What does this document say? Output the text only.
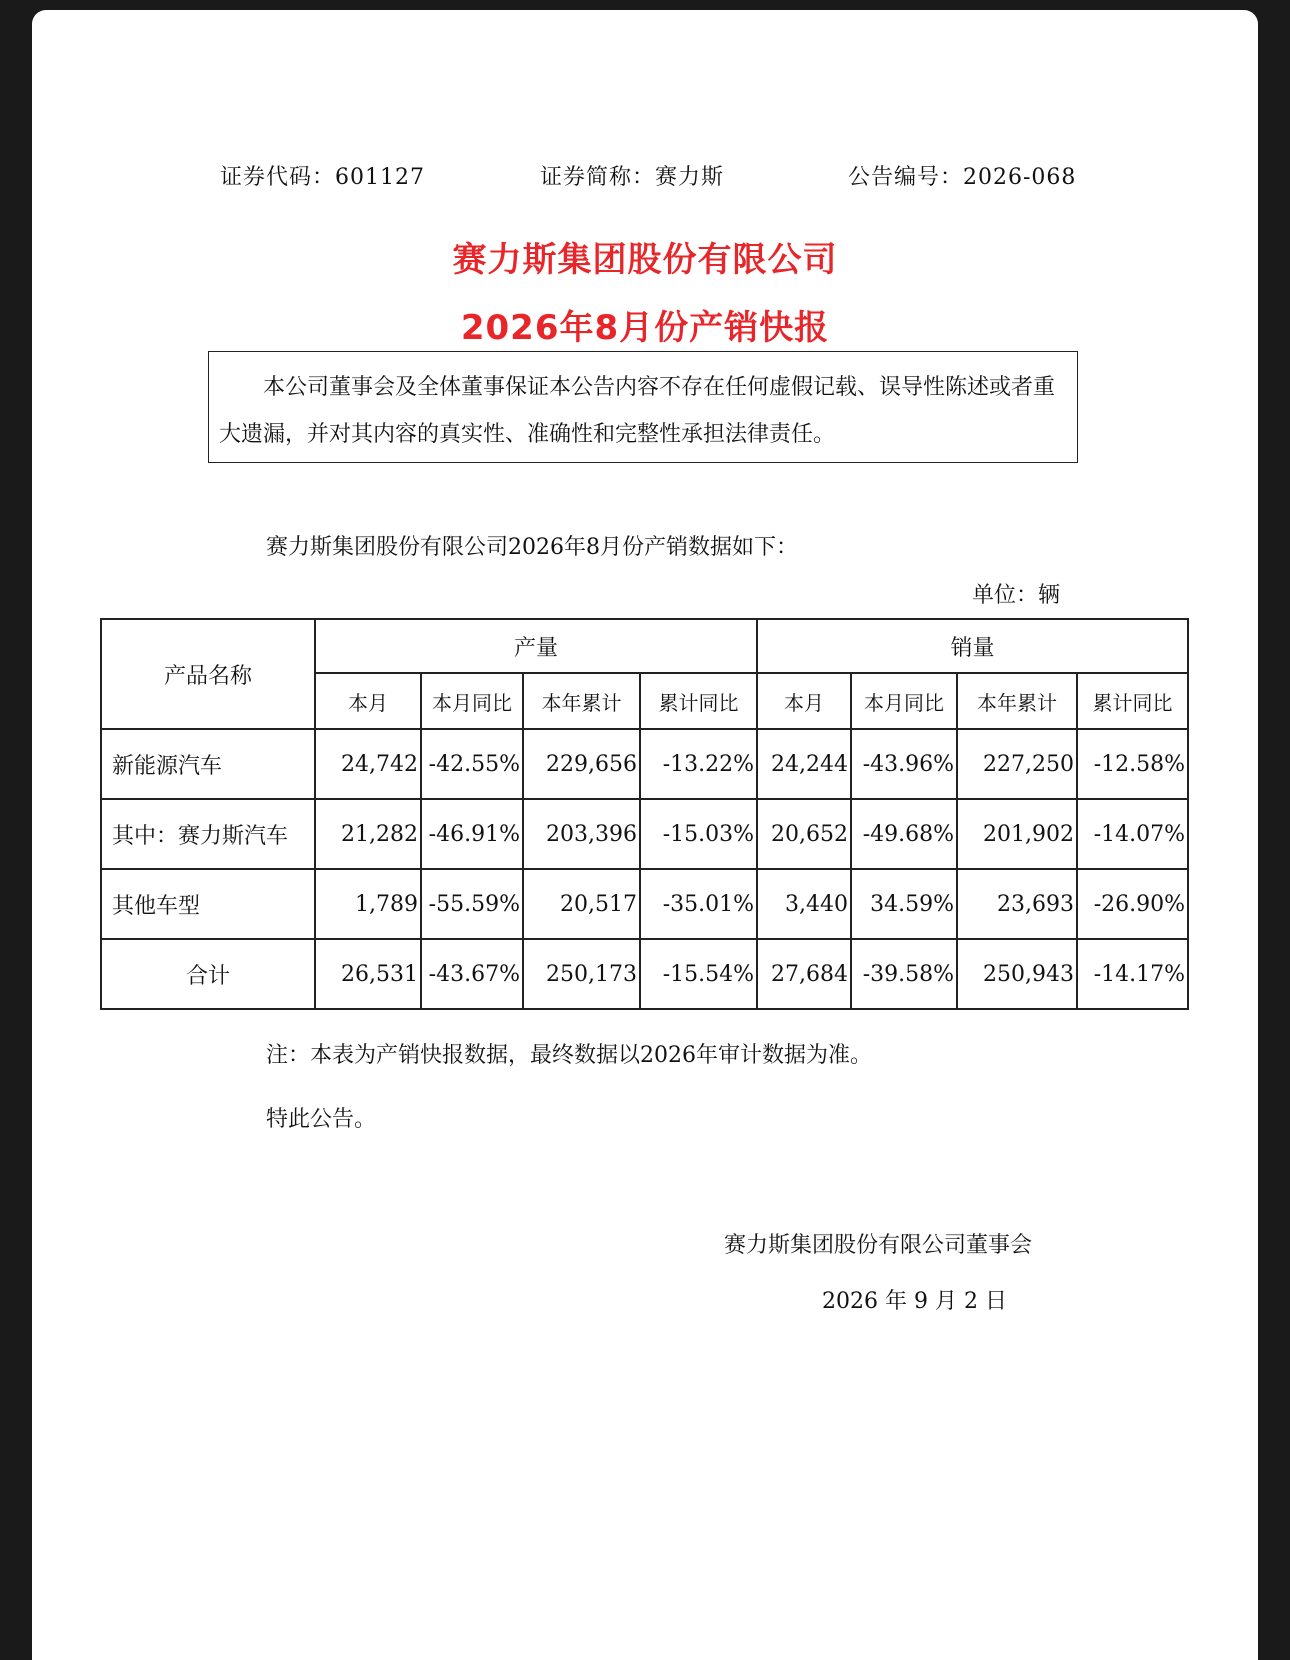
证券代码：601127	证券简称：赛力斯	公告编号：2026-068
赛力斯集团股份有限公司
2026年8月份产销快报
本公司董事会及全体董事保证本公告内容不存在任何虚假记载、误导性陈述或者重大遗漏，并对其内容的真实性、准确性和完整性承担法律责任。
赛力斯集团股份有限公司2026年8月份产销数据如下：
单位：辆
产品名称	产量				销量			
	本月	本月同比	本年累计	累计同比	本月	本月同比	本年累计	累计同比
新能源汽车	24,742	-42.55%	229,656	-13.22%	24,244	-43.96%	227,250	-12.58%
其中：赛力斯汽车	21,282	-46.91%	203,396	-15.03%	20,652	-49.68%	201,902	-14.07%
其他车型	1,789	-55.59%	20,517	-35.01%	3,440	34.59%	23,693	-26.90%
合计	26,531	-43.67%	250,173	-15.54%	27,684	-39.58%	250,943	-14.17%
注：本表为产销快报数据，最终数据以2026年审计数据为准。
特此公告。
赛力斯集团股份有限公司董事会
2026 年 9 月 2 日
